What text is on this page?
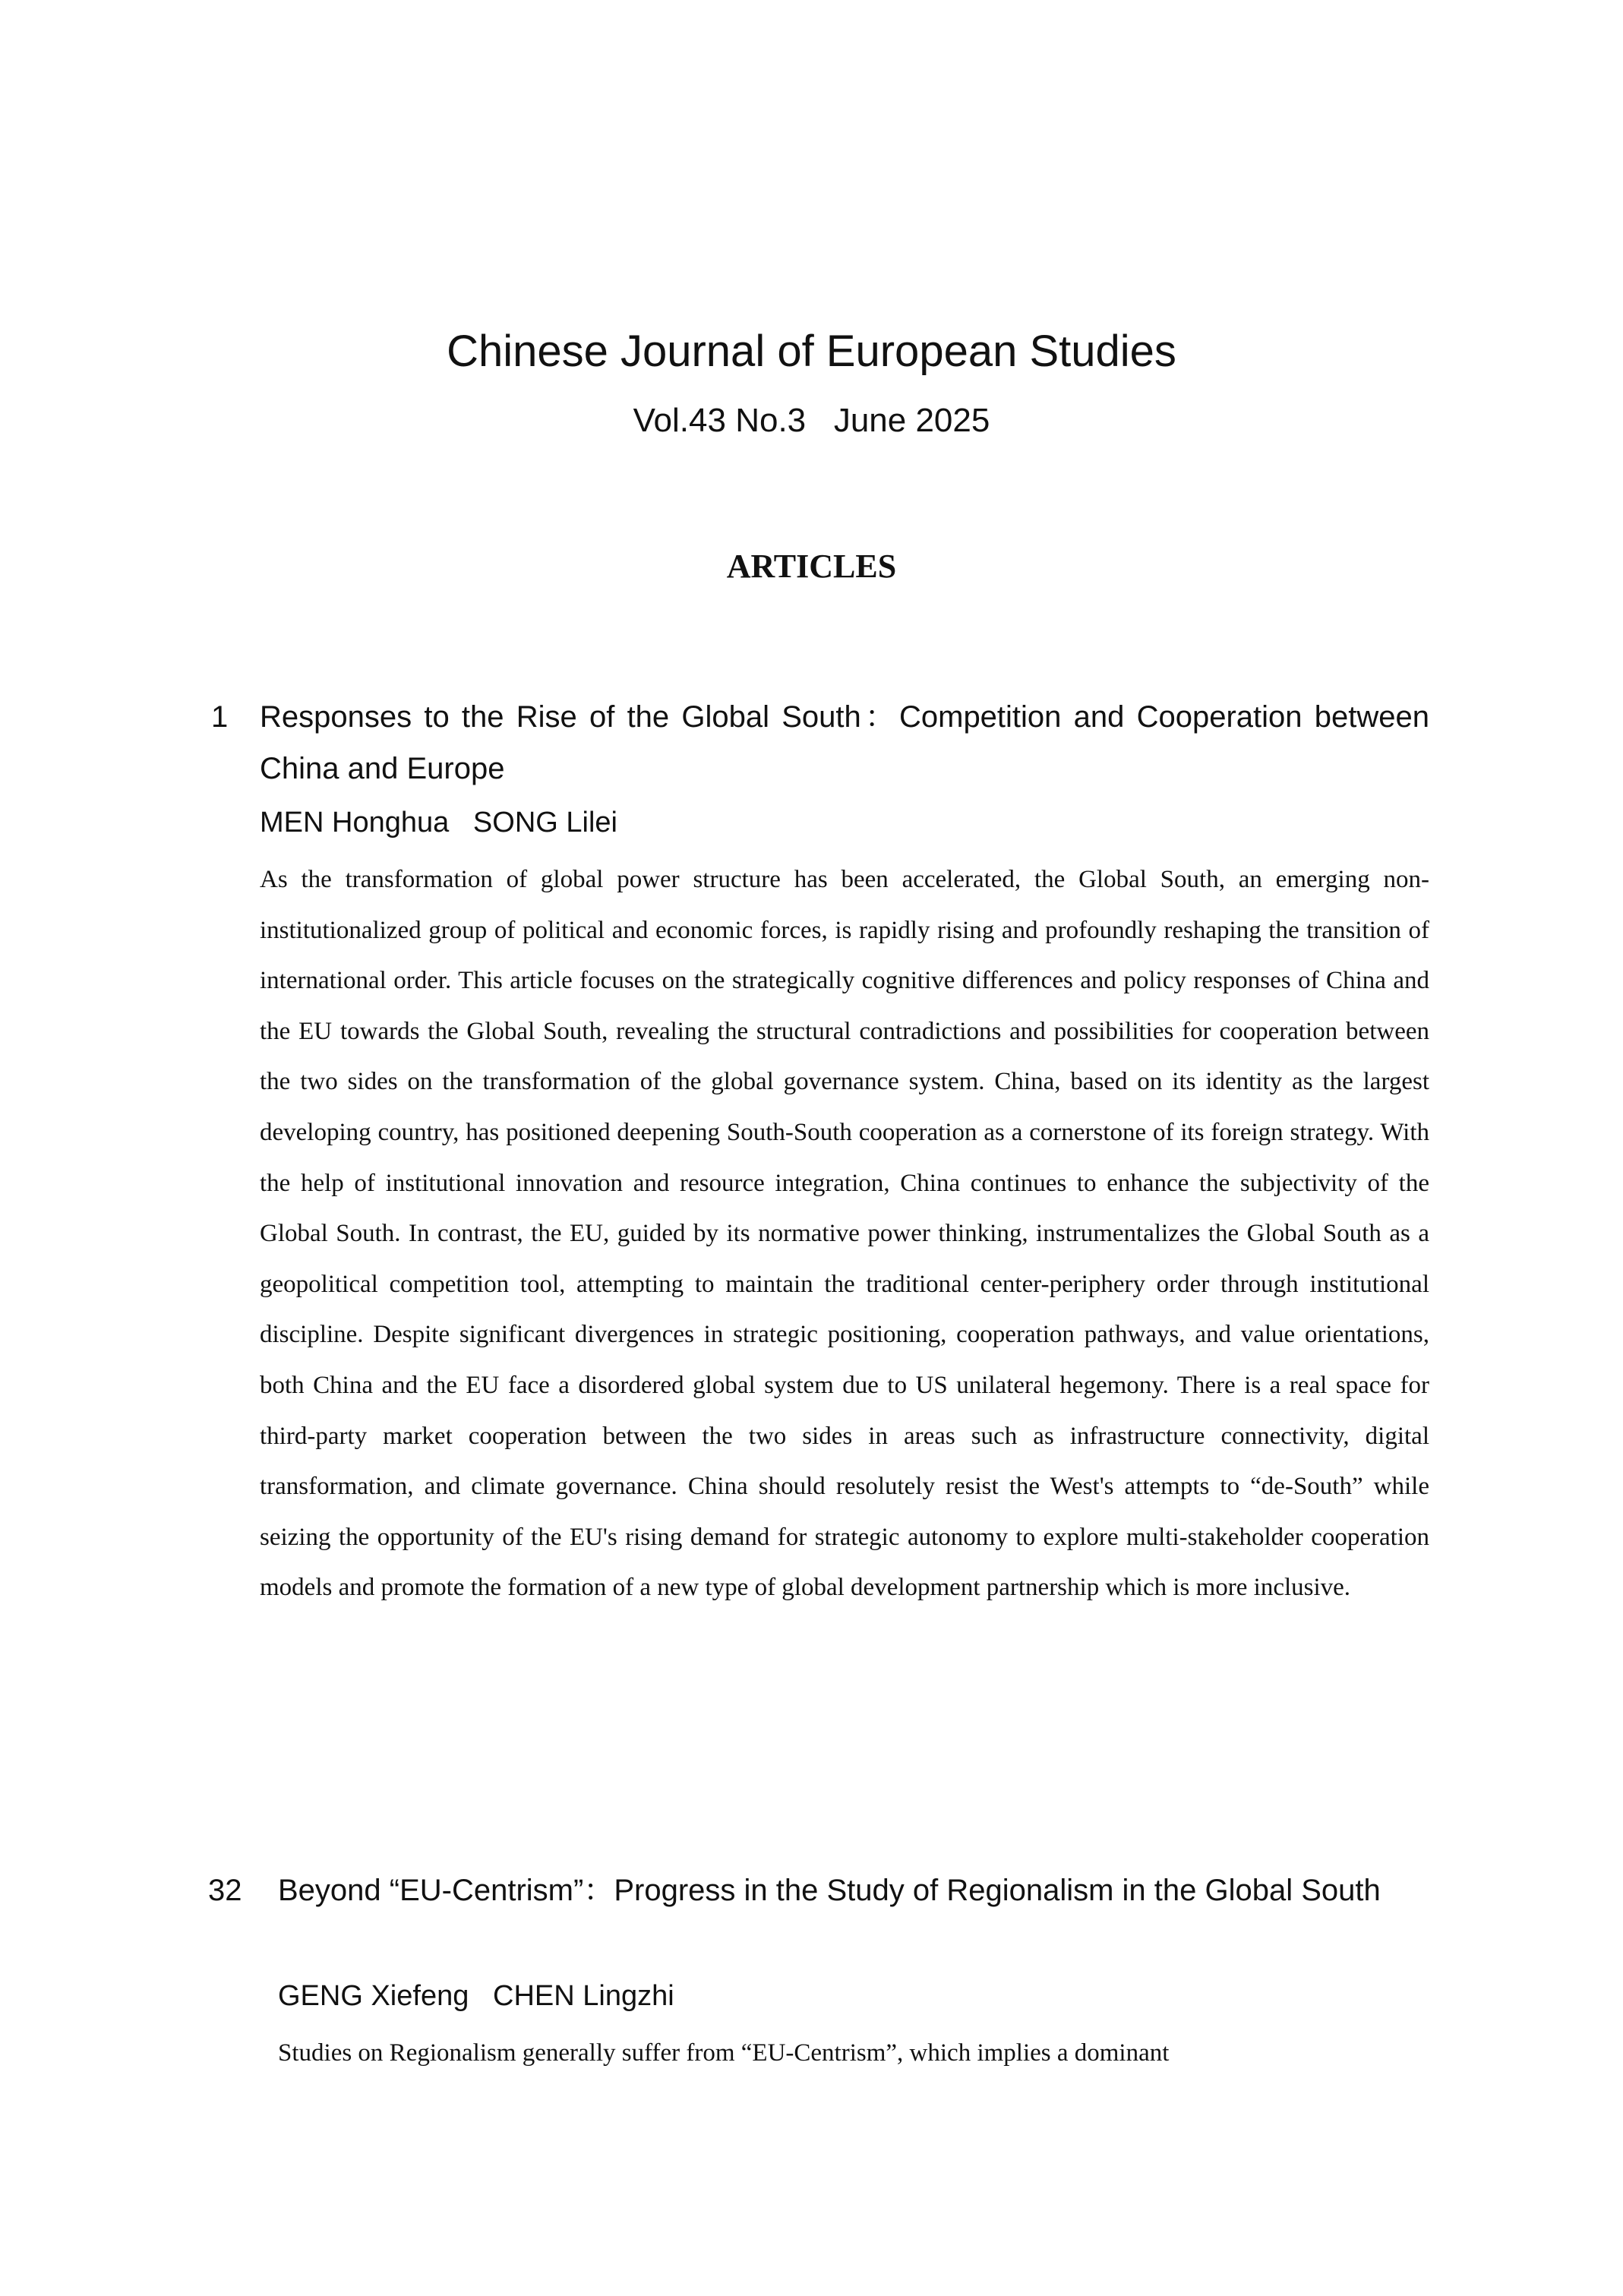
Chinese Journal of European Studies
Vol.43 No.3   June 2025
ARTICLES
1 Responses to the Rise of the Global South：Competition and Cooperation between China and Europe
MEN Honghua   SONG Lilei

As the transformation of global power structure has been accelerated, the Global South, an emerging non-institutionalized group of political and economic forces, is rapidly rising and profoundly reshaping the transition of international order. This article focuses on the strategically cognitive differences and policy responses of China and the EU towards the Global South, revealing the structural contradictions and possibilities for cooperation between the two sides on the transformation of the global governance system. China, based on its identity as the largest developing country, has positioned deepening South-South cooperation as a cornerstone of its foreign strategy. With the help of institutional innovation and resource integration, China continues to enhance the subjectivity of the Global South. In contrast, the EU, guided by its normative power thinking, instrumentalizes the Global South as a geopolitical competition tool, attempting to maintain the traditional center-periphery order through institutional discipline. Despite significant divergences in strategic positioning, cooperation pathways, and value orientations, both China and the EU face a disordered global system due to US unilateral hegemony. There is a real space for third-party market cooperation between the two sides in areas such as infrastructure connectivity, digital transformation, and climate governance. China should resolutely resist the West's attempts to “de-South” while seizing the opportunity of the EU's rising demand for strategic autonomy to explore multi-stakeholder cooperation models and promote the formation of a new type of global development partnership which is more inclusive.

32 Beyond “EU-Centrism”：Progress in the Study of Regionalism in the Global South
GENG Xiefeng   CHEN Lingzhi

Studies on Regionalism generally suffer from “EU-Centrism”, which implies a dominant
